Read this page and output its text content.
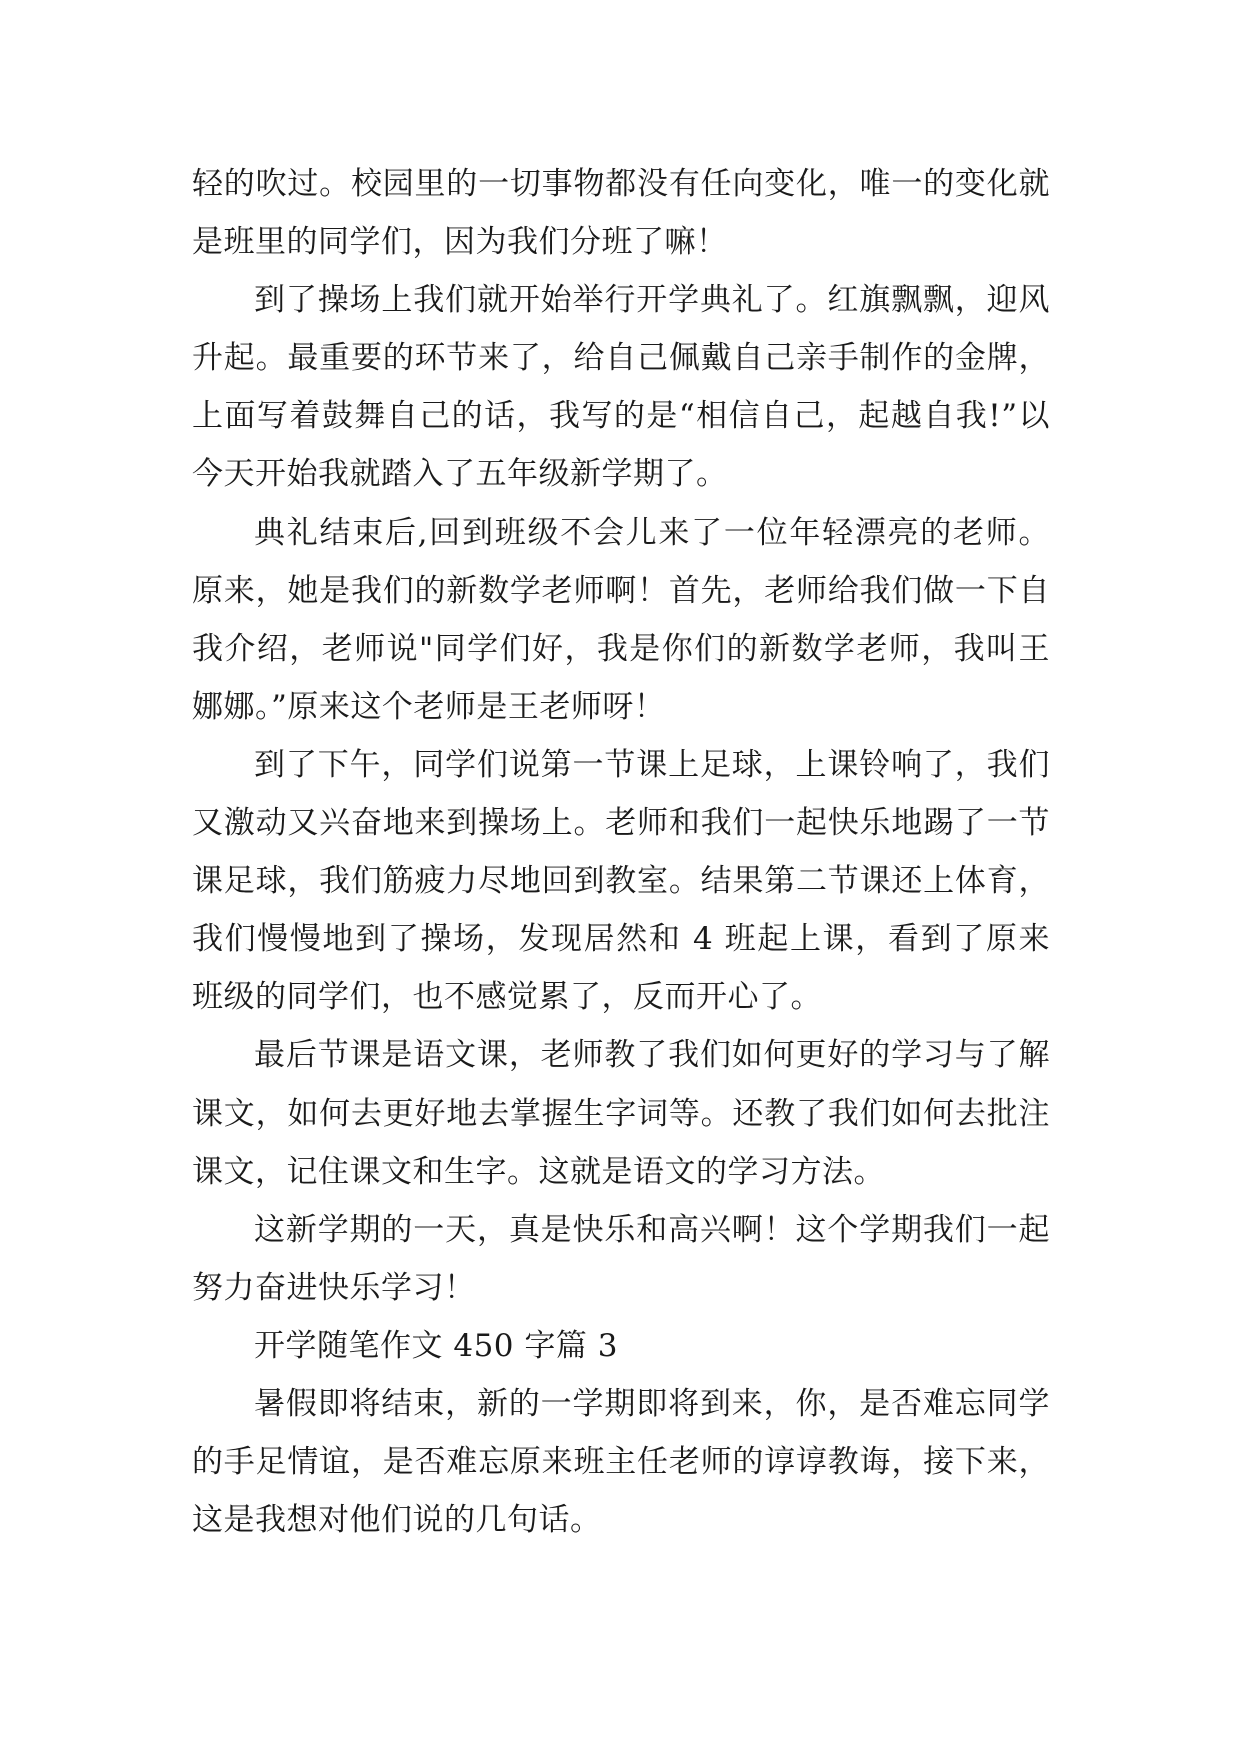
轻的吹过。校园里的一切事物都没有任向变化，唯一的变化就是班里的同学们，因为我们分班了嘛！

到了操场上我们就开始举行开学典礼了。红旗飘飘，迎风升起。最重要的环节来了，给自己佩戴自己亲手制作的金牌，上面写着鼓舞自己的话，我写的是“相信自己，起越自我!”以今天开始我就踏入了五年级新学期了。

典礼结束后,回到班级不会儿来了一位年轻漂亮的老师。原来，她是我们的新数学老师啊！首先，老师给我们做一下自我介绍，老师说"同学们好，我是你们的新数学老师，我叫王娜娜。”原来这个老师是王老师呀！

到了下午，同学们说第一节课上足球，上课铃响了，我们又激动又兴奋地来到操场上。老师和我们一起快乐地踢了一节课足球，我们筋疲力尽地回到教室。结果第二节课还上体育，我们慢慢地到了操场，发现居然和 4 班起上课，看到了原来班级的同学们，也不感觉累了，反而开心了。

最后节课是语文课，老师教了我们如何更好的学习与了解课文，如何去更好地去掌握生字词等。还教了我们如何去批注课文，记住课文和生字。这就是语文的学习方法。

这新学期的一天，真是快乐和高兴啊！这个学期我们一起努力奋进快乐学习！

开学随笔作文 450 字篇 3

暑假即将结束，新的一学期即将到来，你，是否难忘同学的手足情谊，是否难忘原来班主任老师的谆谆教诲，接下来，这是我想对他们说的几句话。
